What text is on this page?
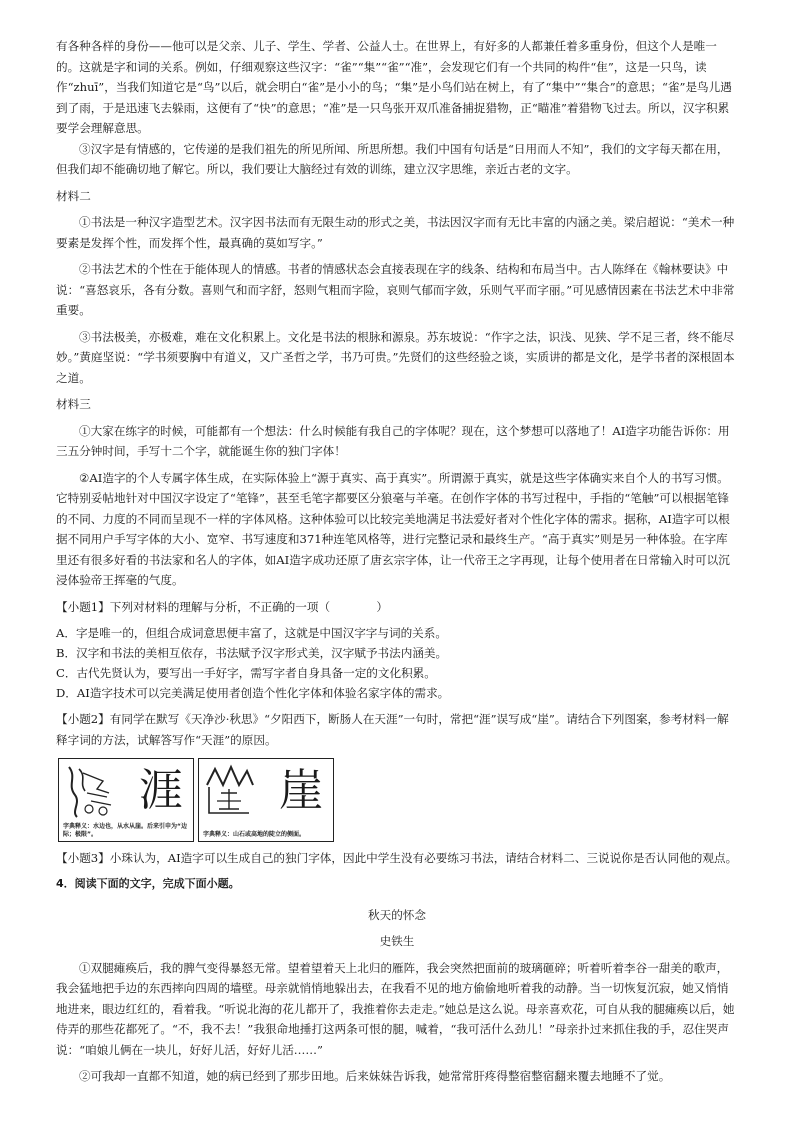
有各种各样的身份——他可以是父亲、儿子、学生、学者、公益人士。在世界上，有好多的人都兼任着多重身份，但这个人是唯一的。这就是字和词的关系。例如，仔细观察这些汉字：“雀”“集”“雀”“准”，会发现它们有一个共同的构件“隹”，这是一只鸟，读作“zhuī”，当我们知道它是“鸟”以后，就会明白“雀”是小小的鸟；“集”是小鸟们站在树上，有了“集中”“集合”的意思；“雀”是鸟儿遇到了雨，于是迅速飞去躲雨，这便有了“快”的意思；“准”是一只鸟张开双爪准备捕捉猎物，正“瞄准”着猎物飞过去。所以，汉字积累要学会理解意思。

③汉字是有情感的，它传递的是我们祖先的所见所闻、所思所想。我们中国有句话是“日用而人不知”，我们的文字每天都在用，但我们却不能确切地了解它。所以，我们要让大脑经过有效的训练，建立汉字思维，亲近古老的文字。

材料二

①书法是一种汉字造型艺术。汉字因书法而有无限生动的形式之美，书法因汉字而有无比丰富的内涵之美。梁启超说：“美术一种要素是发挥个性，而发挥个性，最真确的莫如写字。”

②书法艺术的个性在于能体现人的情感。书者的情感状态会直接表现在字的线条、结构和布局当中。古人陈绎在《翰林要诀》中说：“喜怒哀乐，各有分数。喜则气和而字舒，怒则气粗而字险，哀则气郁而字敛，乐则气平而字丽。”可见感情因素在书法艺术中非常重要。

③书法极美，亦极难，难在文化积累上。文化是书法的根脉和源泉。苏东坡说：“作字之法，识浅、见狭、学不足三者，终不能尽妙。”黄庭坚说：“学书须要胸中有道义，又广圣哲之学，书乃可贵。”先贤们的这些经验之谈，实质讲的都是文化，是学书者的深根固本之道。

材料三

①大家在练字的时候，可能都有一个想法：什么时候能有我自己的字体呢？现在，这个梦想可以落地了！AI造字功能告诉你：用三五分钟时间，手写十二个字，就能诞生你的独门字体！

②AI造字的个人专属字体生成，在实际体验上“源于真实、高于真实”。所谓源于真实，就是这些字体确实来自个人的书写习惯。它特别妥帖地针对中国汉字设定了“笔锋”，甚至毛笔字都要区分狼毫与羊毫。在创作字体的书写过程中，手指的“笔触”可以根据笔锋的不同、力度的不同而呈现不一样的字体风格。这种体验可以比较完美地满足书法爱好者对个性化字体的需求。据称，AI造字可以根据不同用户手写字体的大小、宽窄、书写速度和371种连笔风格等，进行完整记录和最终生产。“高于真实”则是另一种体验。在字库里还有很多好看的书法家和名人的字体，如AI造字成功还原了唐玄宗字体，让一代帝王之字再现，让每个使用者在日常输入时可以沉浸体验帝王挥毫的气度。

【小题1】下列对材料的理解与分析，不正确的一项（　　　　）

A．字是唯一的，但组合成词意思便丰富了，这就是中国汉字字与词的关系。

B．汉字和书法的美相互依存，书法赋予汉字形式美，汉字赋予书法内涵美。

C．古代先贤认为，要写出一手好字，需写字者自身具备一定的文化积累。

D．AI造字技术可以完美满足使用者创造个性化字体和体验名家字体的需求。

【小题2】有同学在默写《天净沙·秋思》“夕阳西下，断肠人在天涯”一句时，常把“涯”误写成“崖”。请结合下列图案，参考材料一解释字词的方法，试解答写作“天涯”的原因。

涯
字典释义：水边也，从水从崖。后来引申为“边际；极限”。
崖
字典释义：山石或高地的陡立的侧面。

【小题3】小珠认为，AI造字可以生成自己的独门字体，因此中学生没有必要练习书法，请结合材料二、三说说你是否认同他的观点。

4．阅读下面的文字，完成下面小题。

秋天的怀念

史铁生

①双腿瘫痪后，我的脾气变得暴怒无常。望着望着天上北归的雁阵，我会突然把面前的玻璃砸碎；听着听着李谷一甜美的歌声，我会猛地把手边的东西摔向四周的墙壁。母亲就悄悄地躲出去，在我看不见的地方偷偷地听着我的动静。当一切恢复沉寂，她又悄悄地进来，眼边红红的，看着我。“听说北海的花儿都开了，我推着你去走走。”她总是这么说。母亲喜欢花，可自从我的腿瘫痪以后，她侍弄的那些花都死了。“不，我不去！”我狠命地捶打这两条可恨的腿，喊着，“我可活什么劲儿！”母亲扑过来抓住我的手，忍住哭声说：“咱娘儿俩在一块儿，好好儿活，好好儿活……”

②可我却一直都不知道，她的病已经到了那步田地。后来妹妹告诉我，她常常肝疼得整宿整宿翻来覆去地睡不了觉。
